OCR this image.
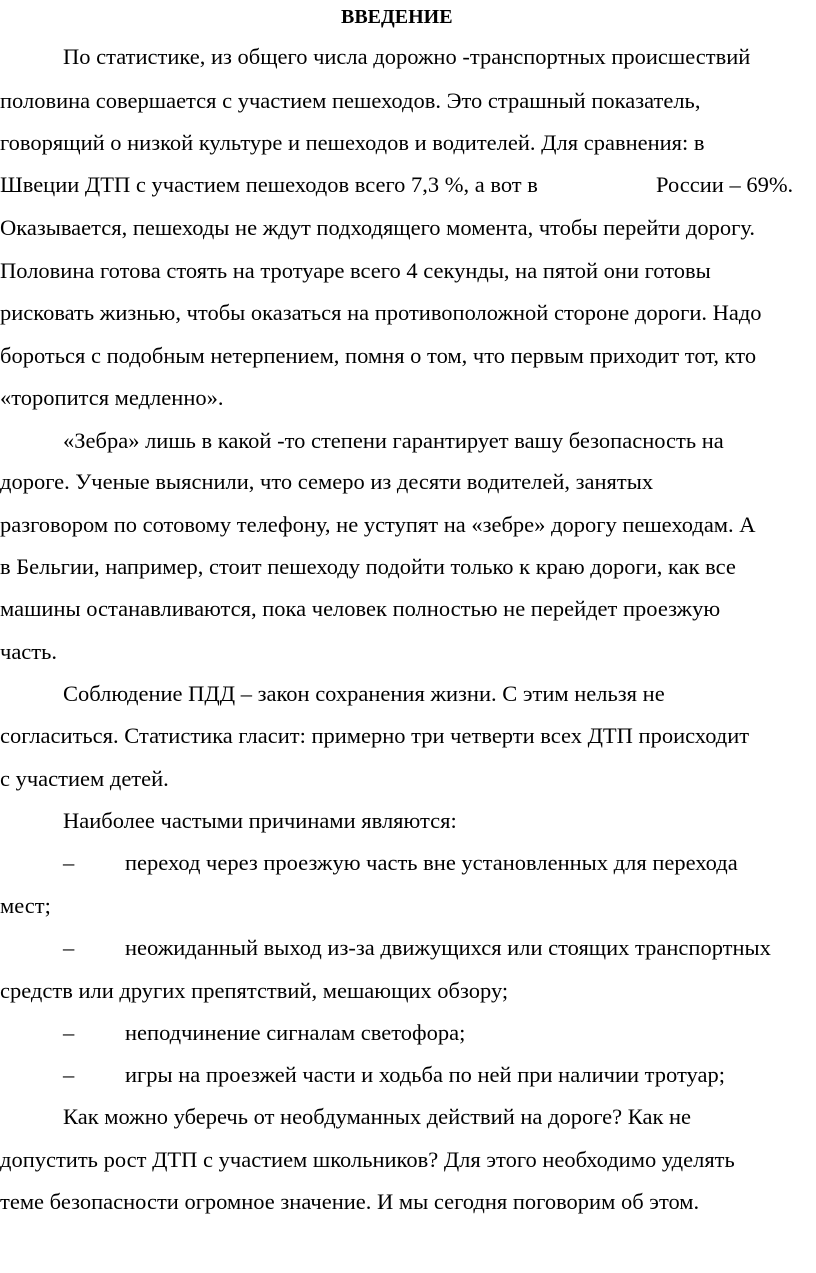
ВВЕДЕНИЕ
По статистике, из общего числа дорожно -транспортных происшествий
половина совершается с участием пешеходов. Это страшный показатель,
говорящий о низкой культуре и пешеходов и водителей. Для сравнения: в
Швеции ДТП с участием пешеходов всего 7,3 %, а вот в	России – 69%.
Оказывается, пешеходы не ждут подходящего момента, чтобы перейти дорогу.
Половина готова стоять на тротуаре всего 4 секунды, на пятой они готовы
рисковать жизнью, чтобы оказаться на противоположной стороне дороги. Надо
бороться с подобным нетерпением, помня о том, что первым приходит тот, кто
«торопится медленно».
«Зебра» лишь в какой -то степени гарантирует вашу безопасность на
дороге. Ученые выяснили, что семеро из десяти водителей, занятых
разговором по сотовому телефону, не уступят на «зебре» дорогу пешеходам. А
в Бельгии, например, стоит пешеходу подойти только к краю дороги, как все
машины останавливаются, пока человек полностью не перейдет проезжую
часть.
Соблюдение ПДД – закон сохранения жизни. С этим нельзя не
согласиться. Статистика гласит: примерно три четверти всех ДТП происходит
с участием детей.
Наиболее частыми причинами являются:
– переход через проезжую часть вне установленных для перехода
мест;
– неожиданный выход из-за движущихся или стоящих транспортных
средств или других препятствий, мешающих обзору;
– неподчинение сигналам светофора;
– игры на проезжей части и ходьба по ней при наличии тротуар;
Как можно уберечь от необдуманных действий на дороге? Как не
допустить рост ДТП с участием школьников? Для этого необходимо уделять
теме безопасности огромное значение. И мы сегодня поговорим об этом.
